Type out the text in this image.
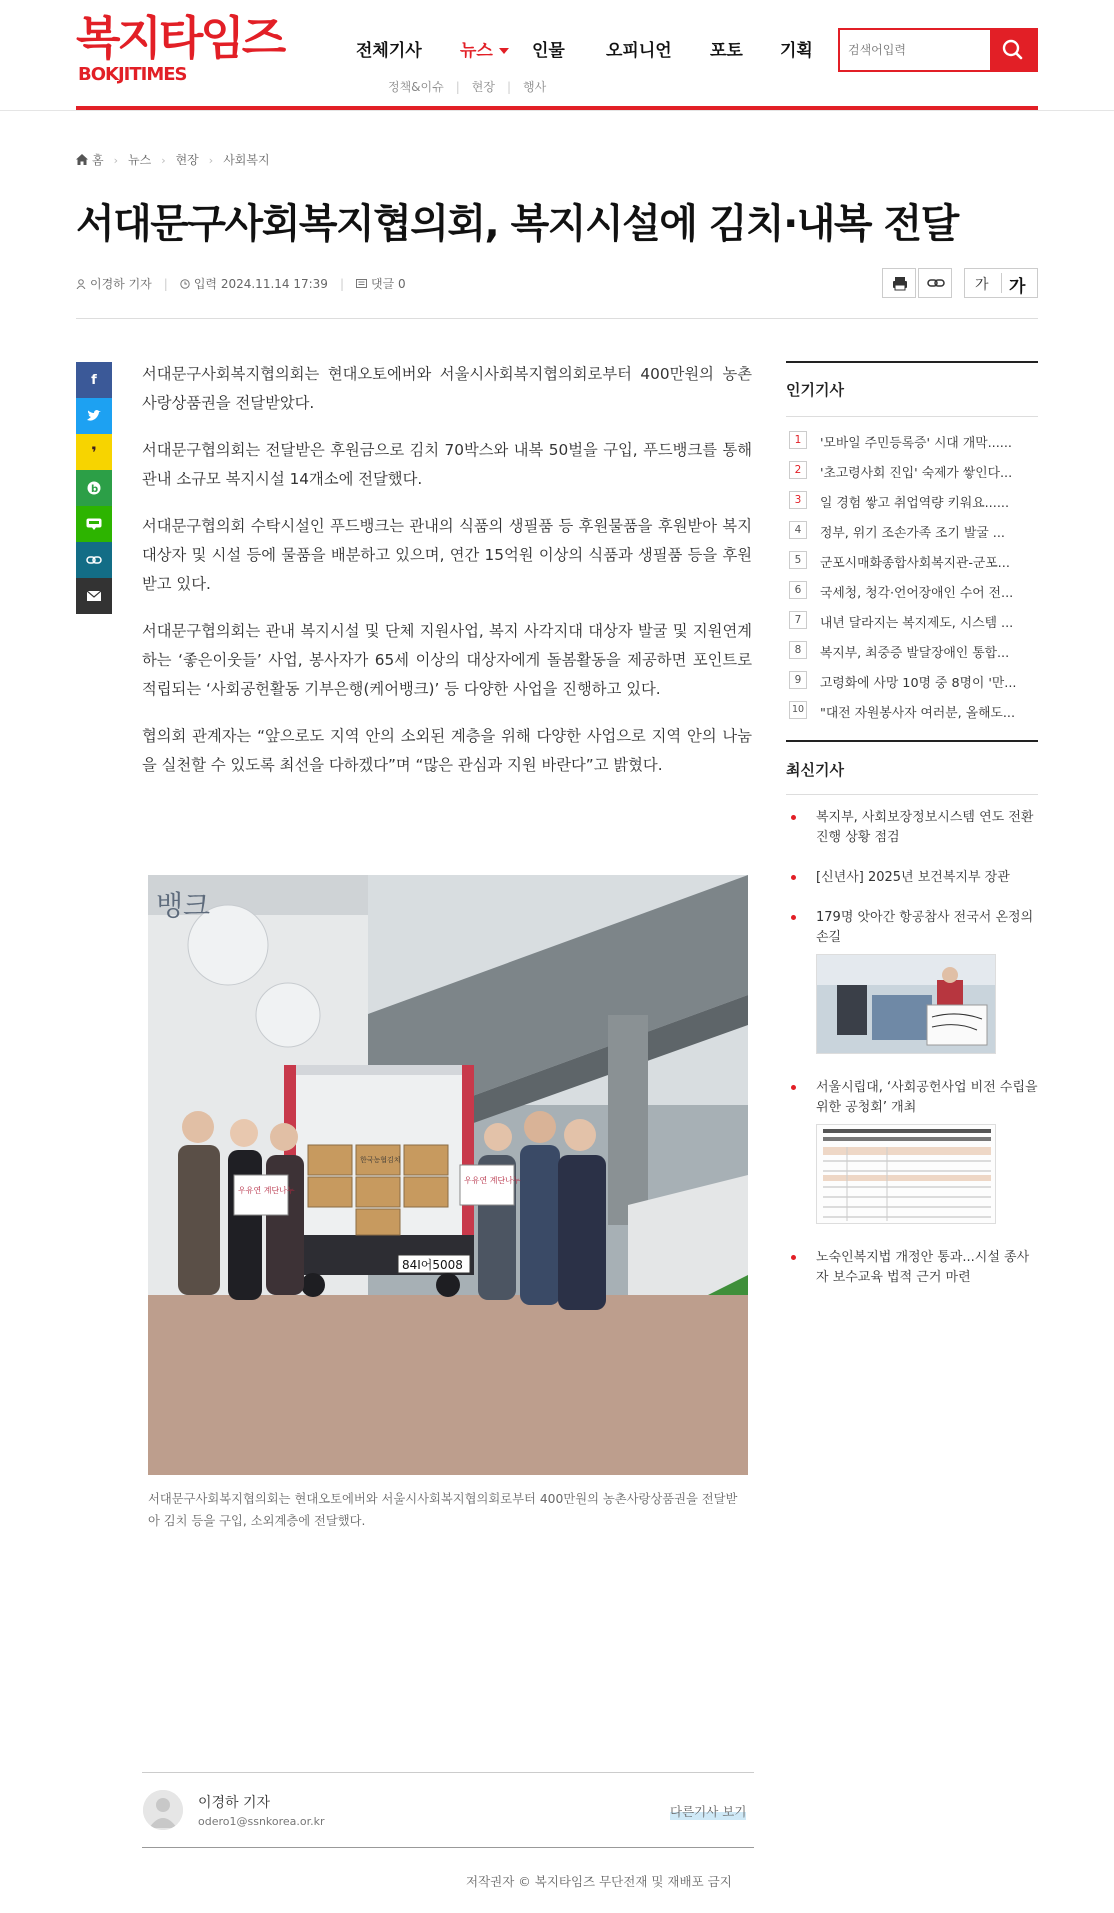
복지타임즈
BOKJITIMES
전체기사 뉴스	인물 오피니언 포토 기획
정책&이슈 | 현장 | 행사
검색어입력
홈 › 뉴스 › 현장 › 사회복지
서대문구사회복지협의회, 복지시설에 김치·내복 전달
이경하 기자 | 입력 2024.11.14 17:39 | 댓글 0	가 가
f
❜
b

서대문구사회복지협의회는 현대오토에버와 서울시사회복지협의회로부터 400만원의 농촌사랑상품권을 전달받았다.

서대문구협의회는 전달받은 후원금으로 김치 70박스와 내복 50벌을 구입, 푸드뱅크를 통해 관내 소규모 복지시설 14개소에 전달했다.

서대문구협의회 수탁시설인 푸드뱅크는 관내의 식품의 생필품 등 후원물품을 후원받아 복지 대상자 및 시설 등에 물품을 배분하고 있으며, 연간 15억원 이상의 식품과 생필품 등을 후원받고 있다.

서대문구협의회는 관내 복지시설 및 단체 지원사업, 복지 사각지대 대상자 발굴 및 지원연계하는 ‘좋은이웃들’ 사업, 봉사자가 65세 이상의 대상자에게 돌봄활동을 제공하면 포인트로 적립되는 ‘사회공헌활동 기부은행(케어뱅크)’ 등 다양한 사업을 진행하고 있다.

협의회 관계자는 “앞으로도 지역 안의 소외된 계층을 위해 다양한 사업으로 지역 안의 나눔을 실천할 수 있도록 최선을 다하겠다”며 “많은 관심과 지원 바란다”고 밝혔다.

뱅크
84I어5008
한국농협김치
우유연 계단나누
우유연 계단나누

서대문구사회복지협의회는 현대오토에버와 서울시사회복지협의회로부터 400만원의 농촌사랑상품권을 전달받아 김치 등을 구입, 소외계층에 전달했다.

이경하 기자
odero1@ssnkorea.or.kr
다른기사 보기
저작권자 © 복지타임즈 무단전재 및 재배포 금지
인기기사
1	'모바일 주민등록증' 시대 개막......
2	'초고령사회 진입' 숙제가 쌓인다...
3	일 경험 쌓고 취업역량 키워요......
4	정부, 위기 조손가족 조기 발굴 ...
5	군포시매화종합사회복지관-군포...
6	국세청, 청각·언어장애인 수어 전...
7	내년 달라지는 복지제도, 시스템 ...
8	복지부, 최중증 발달장애인 통합...
9	고령화에 사망 10명 중 8명이 '만...
10 "대전 자원봉사자 여러분, 올해도...
최신기사
복지부, 사회보장정보시스템 연도 전환 진행 상황 점검
[신년사] 2025년 보건복지부 장관
179명 앗아간 항공참사 전국서 온정의 손길
서울시립대, ‘사회공헌사업 비전 수립을 위한 공청회’ 개최
노숙인복지법 개정안 통과...시설 종사자 보수교육 법적 근거 마련
